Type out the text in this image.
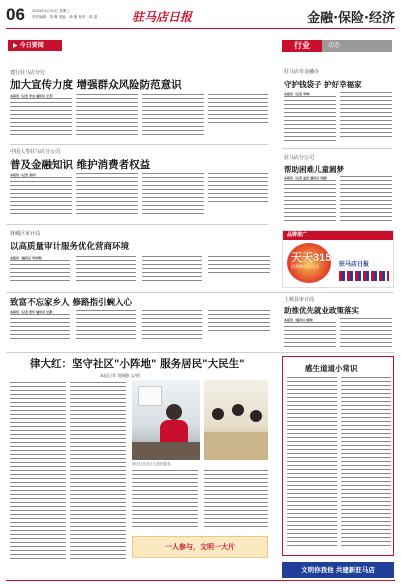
06 2024年4月10日 星期三
责任编辑：刘 琳 美编：徐 刚 校对：段 超	驻马店日报	金融·保险·经济
▶ 今日要闻
建行驻马店分行
加大宣传力度 增强群众风险防范意识
本报讯（记者 李杰 通讯员 王芳）
中国人寿驻马店分公司
普及金融知识 维护消费者权益
本报讯（记者 刘洋）
行业	动态
驻马店市金融办
守护钱袋子 护好幸福家
本报讯（记者 李坤）
驻马店分公司
帮助困难儿童圆梦
本报讯（记者 孟宏 通讯员 吴静）
驿城区审计局
以高质量审计服务优化营商环境
本报讯（通讯员 李四明）
品牌推广
天天315
消费维权在行动	驻马店日报
致富不忘家乡人 修路指引蜿入心
本报讯（记者 张华 通讯员 王新）
上蔡县审计局
助推优先就业政策落实
本报讯（通讯员 周涛）
律大红：坚守社区"小阵地" 服务居民"大民生"
本报记者 刘晓静 文/图
律大红在社区为居民服务。
一人参与，文明一大片
感生道道小常识
文明你我他 共建新驻马店
